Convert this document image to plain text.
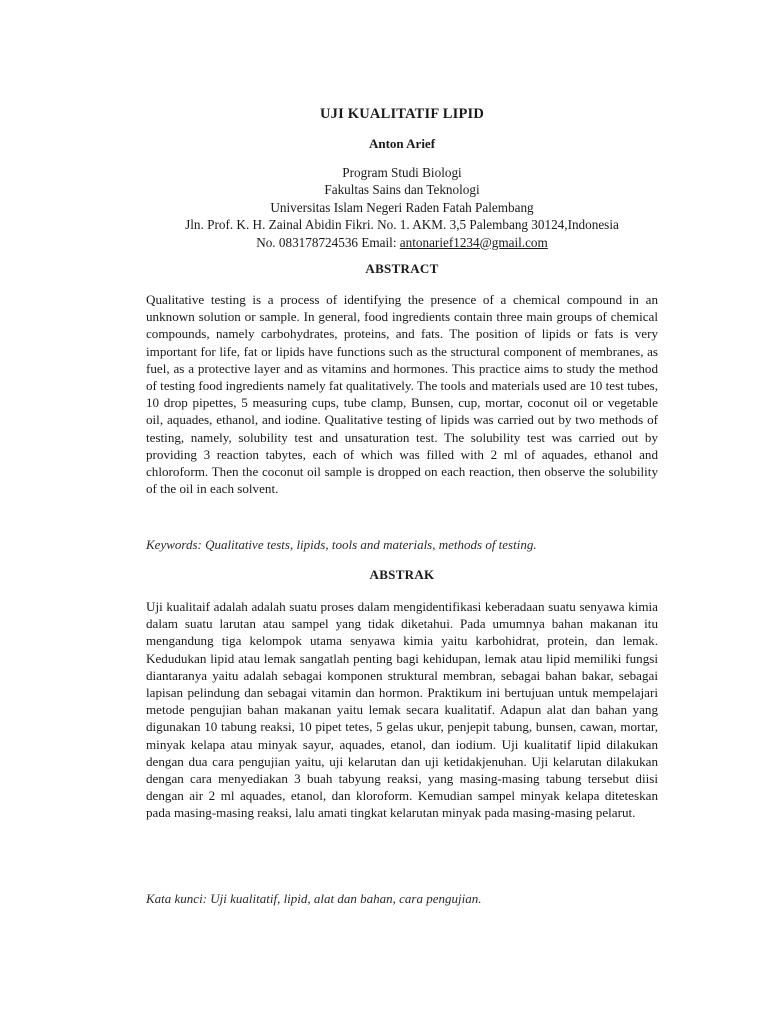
UJI KUALITATIF LIPID
Anton Arief
Program Studi Biologi
Fakultas Sains dan Teknologi
Universitas Islam Negeri Raden Fatah Palembang
Jln. Prof. K. H. Zainal Abidin Fikri. No. 1. AKM. 3,5 Palembang 30124,Indonesia
No. 083178724536 Email: antonarief1234@gmail.com
ABSTRACT
Qualitative testing is a process of identifying the presence of a chemical compound in an unknown solution or sample. In general, food ingredients contain three main groups of chemical compounds, namely carbohydrates, proteins, and fats. The position of lipids or fats is very important for life, fat or lipids have functions such as the structural component of membranes, as fuel, as a protective layer and as vitamins and hormones. This practice aims to study the method of testing food ingredients namely fat qualitatively. The tools and materials used are 10 test tubes, 10 drop pipettes, 5 measuring cups, tube clamp, Bunsen, cup, mortar, coconut oil or vegetable oil, aquades, ethanol, and iodine. Qualitative testing of lipids was carried out by two methods of testing, namely, solubility test and unsaturation test. The solubility test was carried out by providing 3 reaction tabytes, each of which was filled with 2 ml of aquades, ethanol and chloroform. Then the coconut oil sample is dropped on each reaction, then observe the solubility of the oil in each solvent.
Keywords: Qualitative tests, lipids, tools and materials, methods of testing.
ABSTRAK
Uji kualitaif adalah adalah suatu proses dalam mengidentifikasi keberadaan suatu senyawa kimia dalam suatu larutan atau sampel yang tidak diketahui. Pada umumnya bahan makanan itu mengandung tiga kelompok utama senyawa kimia yaitu karbohidrat, protein, dan lemak. Kedudukan lipid atau lemak sangatlah penting bagi kehidupan, lemak atau lipid memiliki fungsi diantaranya yaitu adalah sebagai komponen struktural membran, sebagai bahan bakar, sebagai lapisan pelindung dan sebagai vitamin dan hormon. Praktikum ini bertujuan untuk mempelajari metode pengujian bahan makanan yaitu lemak secara kualitatif. Adapun alat dan bahan yang digunakan 10 tabung reaksi, 10 pipet tetes, 5 gelas ukur, penjepit tabung, bunsen, cawan, mortar, minyak kelapa atau minyak sayur, aquades, etanol, dan iodium. Uji kualitatif lipid dilakukan dengan dua cara pengujian yaitu, uji kelarutan dan uji ketidakjenuhan. Uji kelarutan dilakukan dengan cara menyediakan 3 buah tabyung reaksi, yang masing-masing tabung tersebut diisi dengan air 2 ml aquades, etanol, dan kloroform. Kemudian sampel minyak kelapa diteteskan pada masing-masing reaksi, lalu amati tingkat kelarutan minyak pada masing-masing pelarut.
Kata kunci: Uji kualitatif, lipid, alat dan bahan, cara pengujian.
